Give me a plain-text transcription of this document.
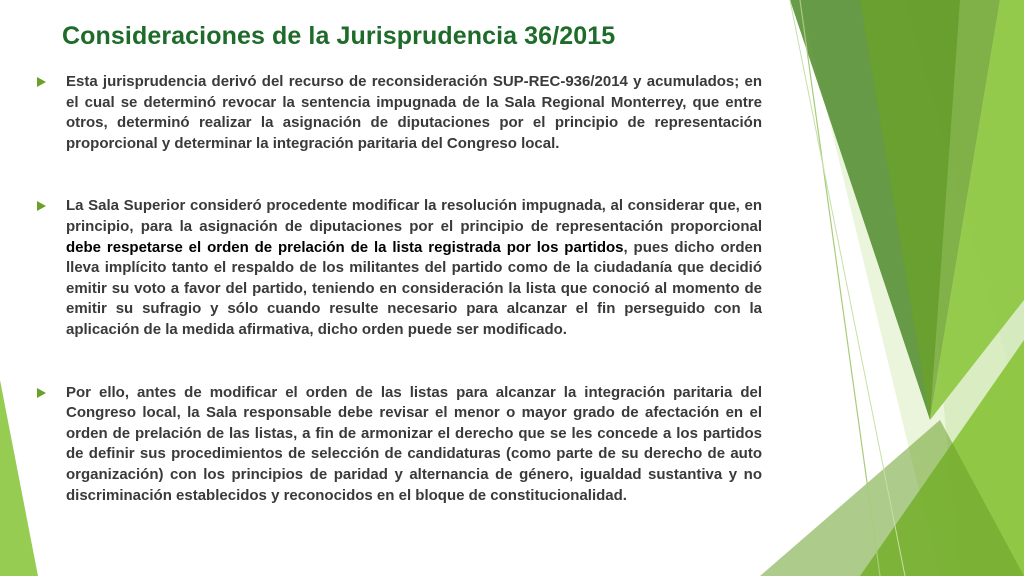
Consideraciones de la Jurisprudencia 36/2015
Esta jurisprudencia derivó del recurso de reconsideración SUP-REC-936/2014 y acumulados; en el cual se determinó revocar la sentencia impugnada de la Sala Regional Monterrey, que entre otros, determinó realizar la asignación de diputaciones por el principio de representación proporcional y determinar la integración paritaria del Congreso local.
La Sala Superior consideró procedente modificar la resolución impugnada, al considerar que, en principio, para la asignación de diputaciones por el principio de representación proporcional debe respetarse el orden de prelación de la lista registrada por los partidos, pues dicho orden lleva implícito tanto el respaldo de los militantes del partido como de la ciudadanía que decidió emitir su voto a favor del partido, teniendo en consideración la lista que conoció al momento de emitir su sufragio y sólo cuando resulte necesario para alcanzar el fin perseguido con la aplicación de la medida afirmativa, dicho orden puede ser modificado.
Por ello, antes de modificar el orden de las listas para alcanzar la integración paritaria del Congreso local, la Sala responsable debe revisar el menor o mayor grado de afectación en el orden de prelación de las listas, a fin de armonizar el derecho que se les concede a los partidos de definir sus procedimientos de selección de candidaturas (como parte de su derecho de auto organización) con los principios de paridad y alternancia de género, igualdad sustantiva y no discriminación establecidos y reconocidos en el bloque de constitucionalidad.
